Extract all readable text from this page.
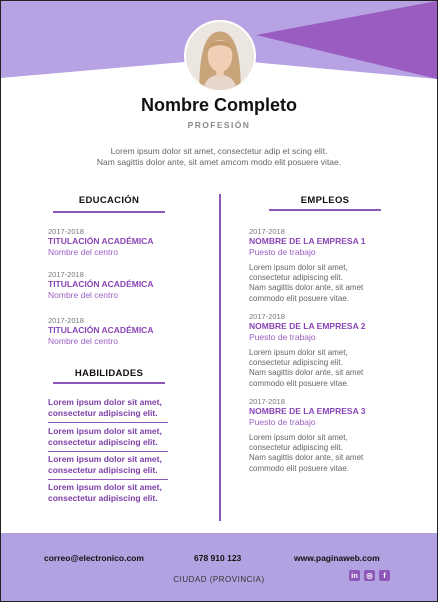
Nombre Completo
PROFESIÓN
Lorem ipsum dolor sit amet, consectetur adip et scing elit.
Nam sagittis dolor ante, sit amet amcom modo elit posuere vitae.
EDUCACIÓN
2017-2018
TITULACIÓN ACADÉMICA
Nombre del centro
2017-2018
TITULACIÓN ACADÉMICA
Nombre del centro
2017-2018
TITULACIÓN ACADÉMICA
Nombre del centro
HABILIDADES
Lorem ipsum dolor sit amet,
consectetur adipiscing elit.
Lorem ipsum dolor sit amet,
consectetur adipiscing elit.
Lorem ipsum dolor sit amet,
consectetur adipiscing elit.
Lorem ipsum dolor sit amet,
consectetur adipiscing elit.
EMPLEOS
2017-2018
NOMBRE DE LA EMPRESA 1
Puesto de trabajo
Lorem ipsum dolor sit amet,
consectetur adipiscing elit.
Nam sagittis dolor ante, sit amet
commodo elit posuere vitae.
2017-2018
NOMBRE DE LA EMPRESA 2
Puesto de trabajo
Lorem ipsum dolor sit amet,
consectetur adipiscing elit.
Nam sagittis dolor ante, sit amet
commodo elit posuere vitae.
2017-2018
NOMBRE DE LA EMPRESA 3
Puesto de trabajo
Lorem ipsum dolor sit amet,
consectetur adipiscing elit.
Nam sagittis dolor ante, sit amet
commodo elit posuere vitae.
correo@electronico.com	678 910 123	www.paginaweb.com
CIUDAD (PROVINCIA)	in ◎	f
